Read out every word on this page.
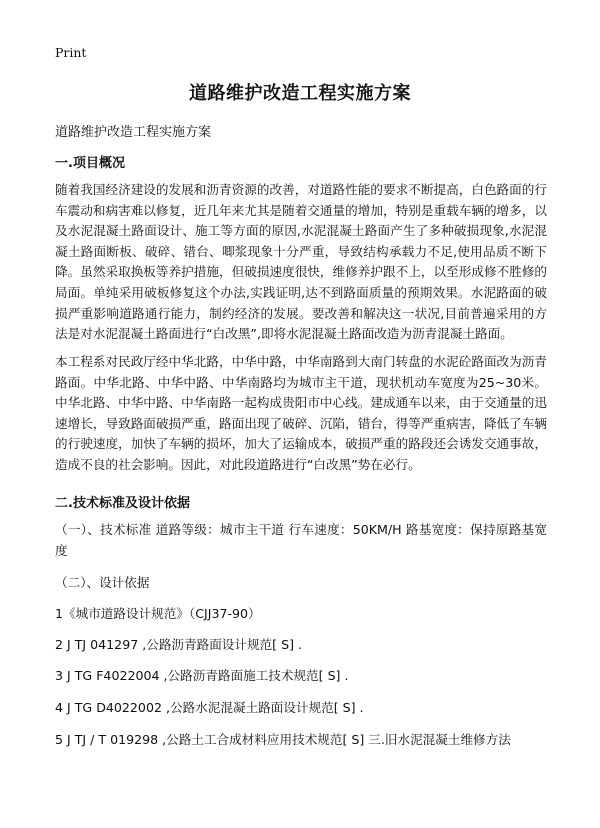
Print
道路维护改造工程实施方案
道路维护改造工程实施方案
一.项目概况

随着我国经济建设的发展和沥青资源的改善，对道路性能的要求不断提高，白色路面的行车震动和病害难以修复，近几年来尤其是随着交通量的增加，特别是重载车辆的增多，以及水泥混凝土路面设计、施工等方面的原因,水泥混凝土路面产生了多种破损现象,水泥混凝土路面断板、破碎、错台、唧浆现象十分严重，导致结构承载力不足,使用品质不断下降。虽然采取换板等养护措施，但破损速度很快，维修养护跟不上，以至形成修不胜修的局面。单纯采用破板修复这个办法,实践证明,达不到路面质量的预期效果。水泥路面的破损严重影响道路通行能力，制约经济的发展。要改善和解决这一状况,目前普遍采用的方法是对水泥混凝土路面进行“白改黑”,即将水泥混凝土路面改造为沥青混凝土路面。

本工程系对民政厅经中华北路，中华中路，中华南路到大南门转盘的水泥砼路面改为沥青路面。中华北路、中华中路、中华南路均为城市主干道，现状机动车宽度为25~30米。中华北路、中华中路、中华南路一起构成贵阳市中心线。建成通车以来，由于交通量的迅速增长，导致路面破损严重，路面出现了破碎、沉陷，错台，得等严重病害，降低了车辆的行驶速度，加快了车辆的损坏，加大了运输成本，破损严重的路段还会诱发交通事故，造成不良的社会影响。因此，对此段道路进行“白改黑”势在必行。

二.技术标准及设计依据

（一）、技术标准 道路等级：城市主干道 行车速度：50KM/H 路基宽度：保持原路基宽度

（二）、设计依据
1《城市道路设计规范》（CJJ37-90）
2 J TJ 041297 ,公路沥青路面设计规范[ S] .
3 J TG F4022004 ,公路沥青路面施工技术规范[ S] .
4 J TG D4022002 ,公路水泥混凝土路面设计规范[ S] .
5 J TJ / T 019298 ,公路土工合成材料应用技术规范[ S] 三.旧水泥混凝土维修方法
